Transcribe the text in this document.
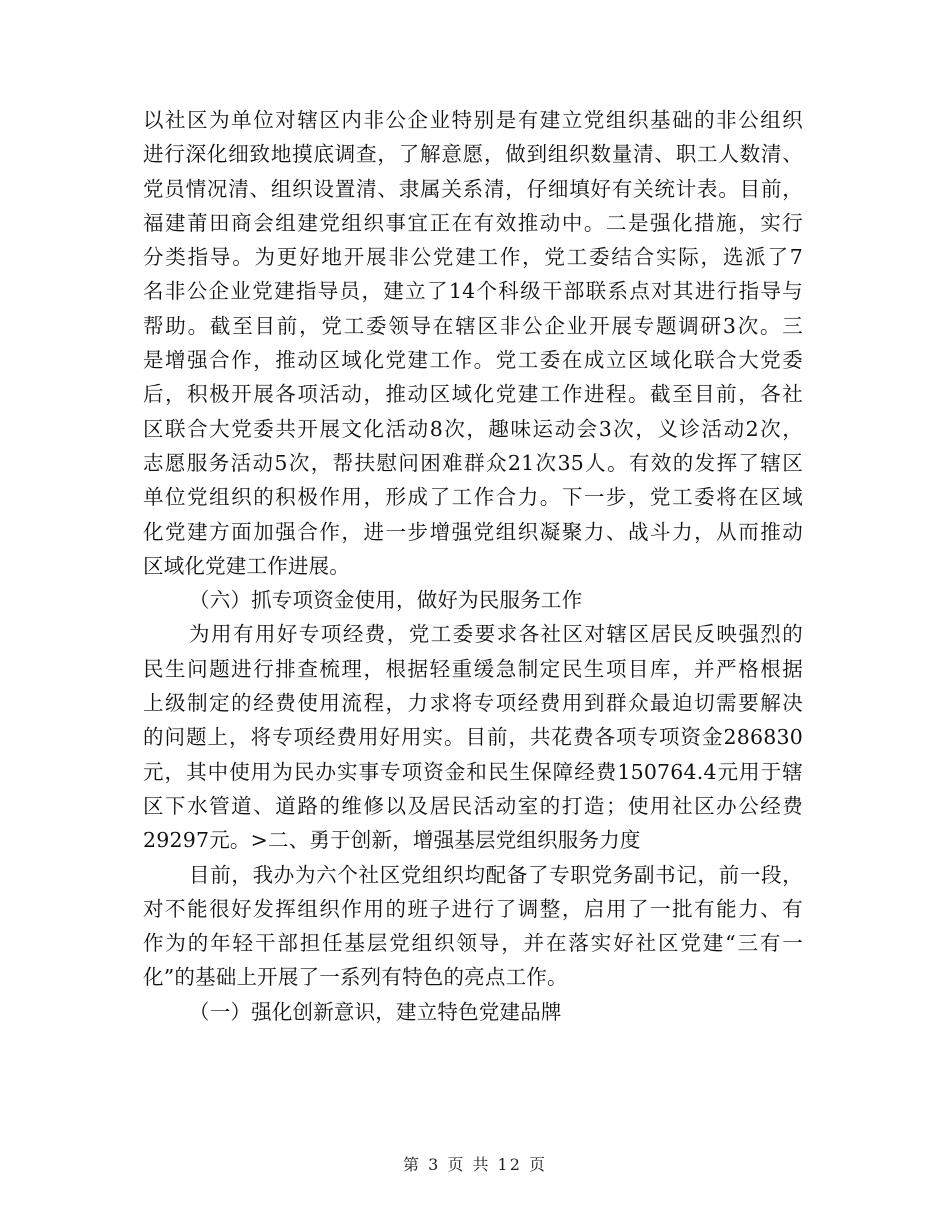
以社区为单位对辖区内非公企业特别是有建立党组织基础的非公组织
进行深化细致地摸底调查，了解意愿，做到组织数量清、职工人数清、
党员情况清、组织设置清、隶属关系清，仔细填好有关统计表。目前，
福建莆田商会组建党组织事宜正在有效推动中。二是强化措施，实行
分类指导。为更好地开展非公党建工作，党工委结合实际，选派了7
名非公企业党建指导员，建立了14个科级干部联系点对其进行指导与
帮助。截至目前，党工委领导在辖区非公企业开展专题调研3次。三
是增强合作，推动区域化党建工作。党工委在成立区域化联合大党委
后，积极开展各项活动，推动区域化党建工作进程。截至目前，各社
区联合大党委共开展文化活动8次，趣味运动会3次，义诊活动2次，
志愿服务活动5次，帮扶慰问困难群众21次35人。有效的发挥了辖区
单位党组织的积极作用，形成了工作合力。下一步，党工委将在区域
化党建方面加强合作，进一步增强党组织凝聚力、战斗力，从而推动
区域化党建工作进展。
（六）抓专项资金使用，做好为民服务工作
为用有用好专项经费，党工委要求各社区对辖区居民反映强烈的
民生问题进行排查梳理，根据轻重缓急制定民生项目库，并严格根据
上级制定的经费使用流程，力求将专项经费用到群众最迫切需要解决
的问题上，将专项经费用好用实。目前，共花费各项专项资金286830
元，其中使用为民办实事专项资金和民生保障经费150764.4元用于辖
区下水管道、道路的维修以及居民活动室的打造；使用社区办公经费
29297元。>二、勇于创新，增强基层党组织服务力度
目前，我办为六个社区党组织均配备了专职党务副书记，前一段，
对不能很好发挥组织作用的班子进行了调整，启用了一批有能力、有
作为的年轻干部担任基层党组织领导，并在落实好社区党建“三有一
化”的基础上开展了一系列有特色的亮点工作。
（一）强化创新意识，建立特色党建品牌
第 3 页 共 12 页
